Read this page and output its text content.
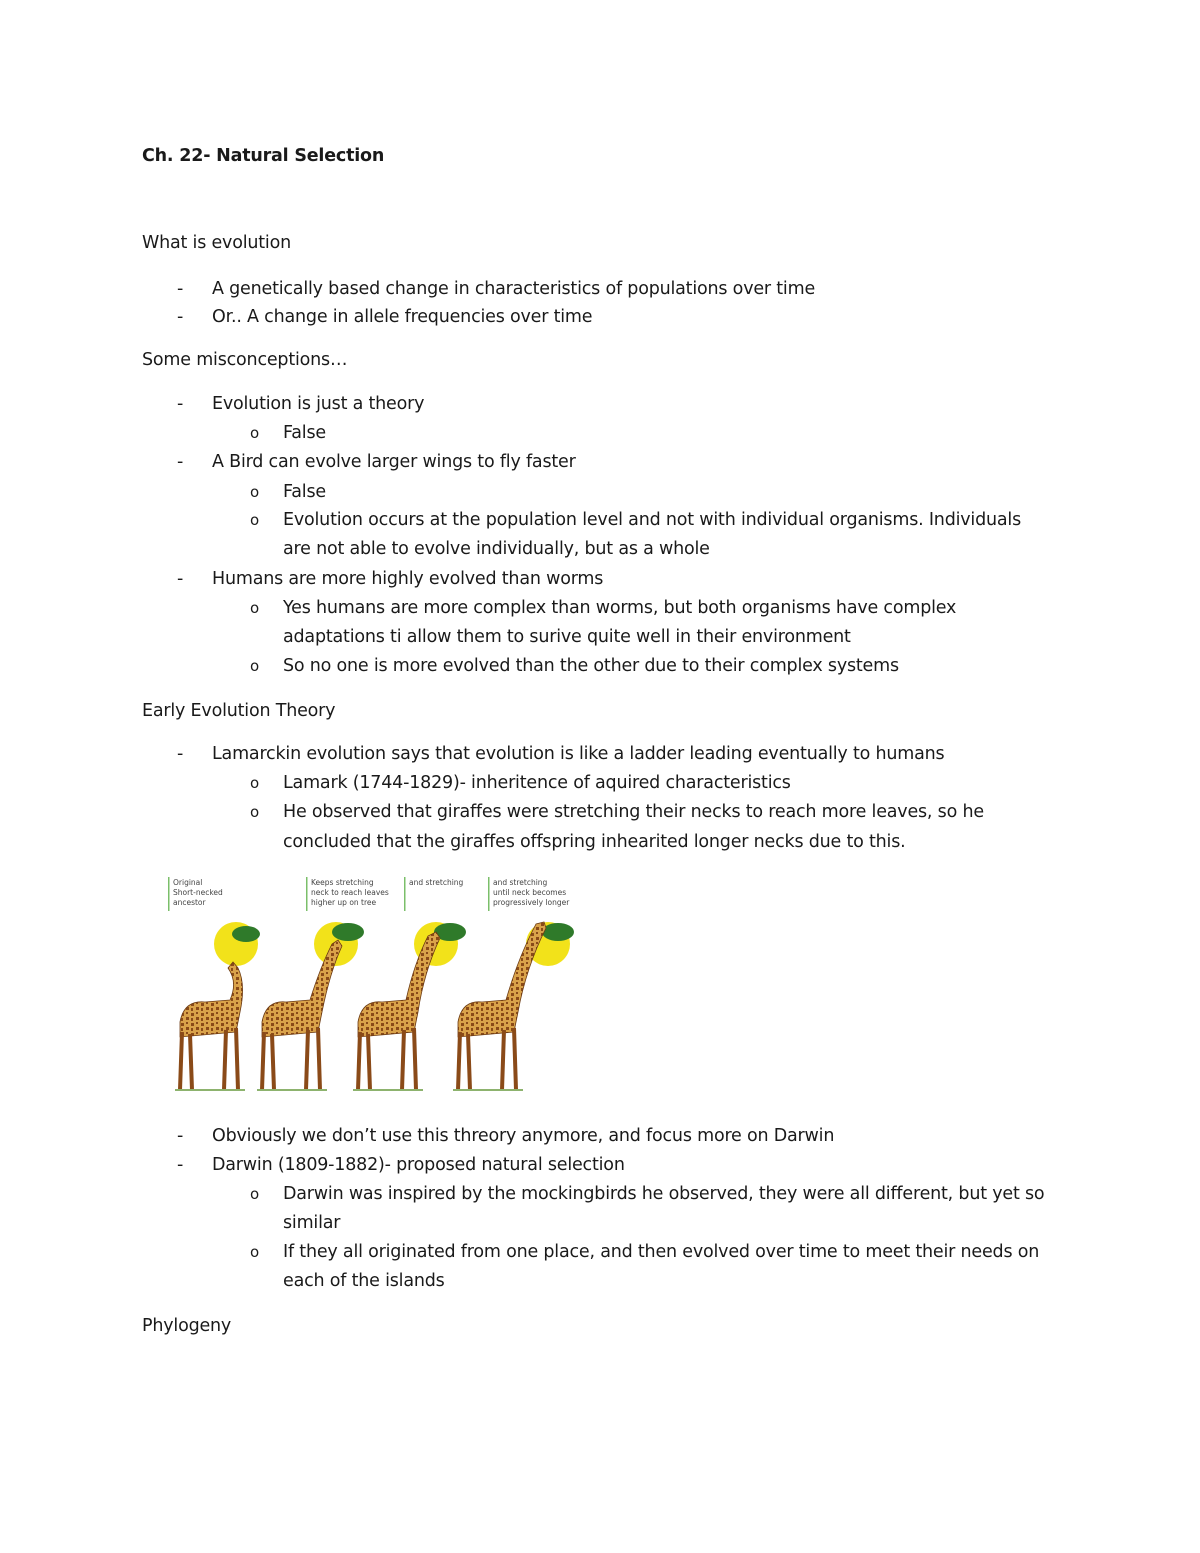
Ch. 22- Natural Selection
What is evolution
- A genetically based change in characteristics of populations over time
- Or.. A change in allele frequencies over time
Some misconceptions…
- Evolution is just a theory
o False
- A Bird can evolve larger wings to fly faster
o False
o Evolution occurs at the population level and not with individual organisms. Individuals
are not able to evolve individually, but as a whole
- Humans are more highly evolved than worms
o Yes humans are more complex than worms, but both organisms have complex
adaptations ti allow them to surive quite well in their environment
o So no one is more evolved than the other due to their complex systems
Early Evolution Theory
- Lamarckin evolution says that evolution is like a ladder leading eventually to humans
o Lamark (1744-1829)- inheritence of aquired characteristics
o He observed that giraffes were stretching their necks to reach more leaves, so he
concluded that the giraffes offspring inhearited longer necks due to this.
Original
Short-necked
ancestor
Keeps stretching
neck to reach leaves
higher up on tree
and stretching	and stretching
until neck becomes
progressively longer
- Obviously we don’t use this threory anymore, and focus more on Darwin
- Darwin (1809-1882)- proposed natural selection
o Darwin was inspired by the mockingbirds he observed, they were all different, but yet so
similar
o If they all originated from one place, and then evolved over time to meet their needs on
each of the islands
Phylogeny
